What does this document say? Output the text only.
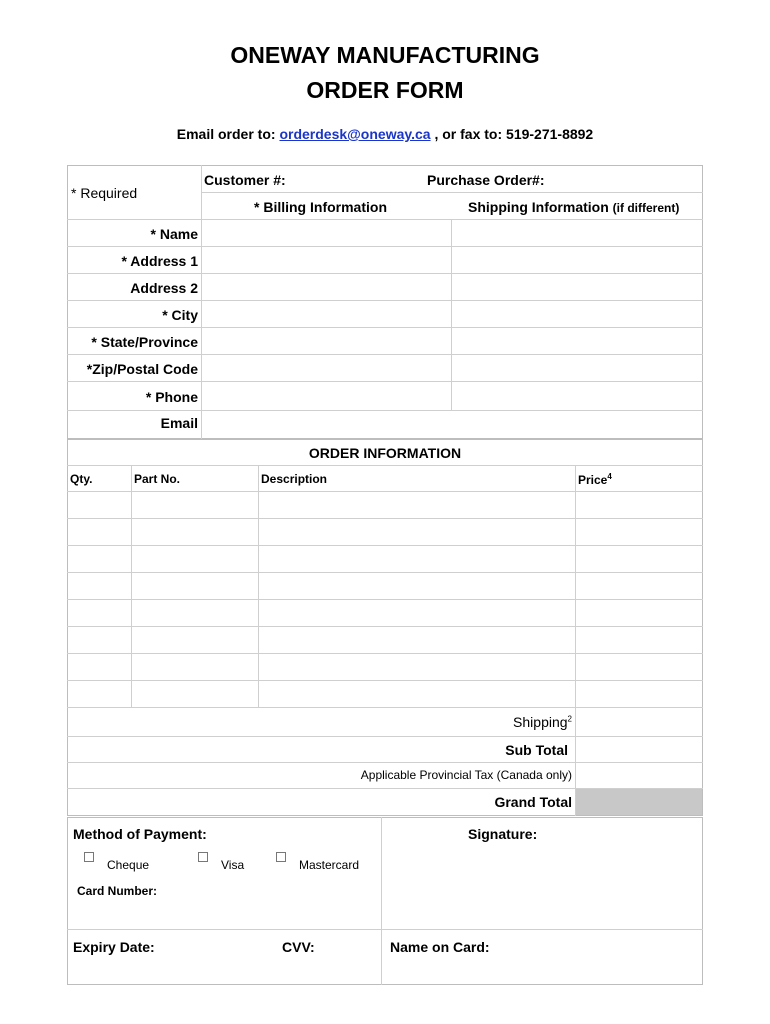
ONEWAY MANUFACTURING
ORDER FORM
Email order to: orderdesk@oneway.ca , or fax to: 519-271-8892
* Required
Customer #:	Purchase Order#:
* Billing Information	Shipping Information (if different)
* Name
* Address 1
Address 2
* City
* State/Province
*Zip/Postal Code
* Phone
Email
ORDER INFORMATION
Qty.	Part No.	Description	Price$^4$
Shipping$^2$
Sub Total
Applicable Provincial Tax (Canada only)
Grand Total
Method of Payment:	Signature:
Cheque	Visa	Mastercard
Card Number:
Expiry Date:	CVV:	Name on Card:
